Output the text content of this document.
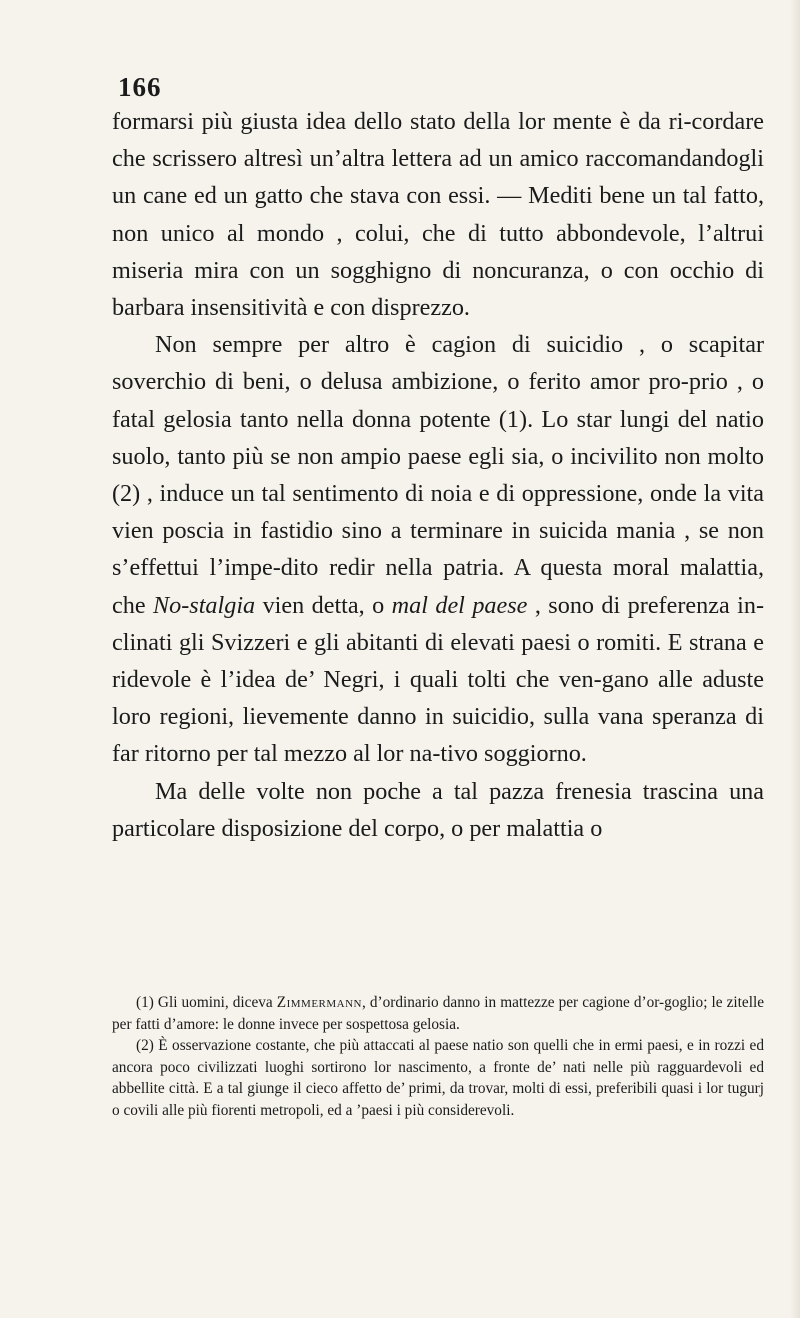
166

formarsi più giusta idea dello stato della lor mente è da ri-cordare che scrissero altresì un’altra lettera ad un amico raccomandandogli un cane ed un gatto che stava con essi. — Mediti bene un tal fatto, non unico al mondo , colui, che di tutto abbondevole, l’altrui miseria mira con un sogghigno di noncuranza, o con occhio di barbara insensitività e con disprezzo.

Non sempre per altro è cagion di suicidio , o scapitar soverchio di beni, o delusa ambizione, o ferito amor pro-prio , o fatal gelosia tanto nella donna potente (1). Lo star lungi del natio suolo, tanto più se non ampio paese egli sia, o incivilito non molto (2) , induce un tal sentimento di noia e di oppressione, onde la vita vien poscia in fastidio sino a terminare in suicida mania , se non s’effettui l’impe-dito redir nella patria. A questa moral malattia, che No-stalgia vien detta, o mal del paese , sono di preferenza in-clinati gli Svizzeri e gli abitanti di elevati paesi o romiti. E strana e ridevole è l’idea de’ Negri, i quali tolti che ven-gano alle aduste loro regioni, lievemente danno in suicidio, sulla vana speranza di far ritorno per tal mezzo al lor na-tivo soggiorno.

Ma delle volte non poche a tal pazza frenesia trascina una particolare disposizione del corpo, o per malattia o

(1) Gli uomini, diceva Zimmermann, d’ordinario danno in mattezze per cagione d’or-goglio; le zitelle per fatti d’amore: le donne invece per sospettosa gelosia.

(2) È osservazione costante, che più attaccati al paese natio son quelli che in ermi paesi, e in rozzi ed ancora poco civilizzati luoghi sortirono lor nascimento, a fronte de’ nati nelle più ragguardevoli ed abbellite città. E a tal giunge il cieco affetto de’ primi, da trovar, molti di essi, preferibili quasi i lor tugurj o covili alle più fiorenti metropoli, ed a ’paesi i più considerevoli.
